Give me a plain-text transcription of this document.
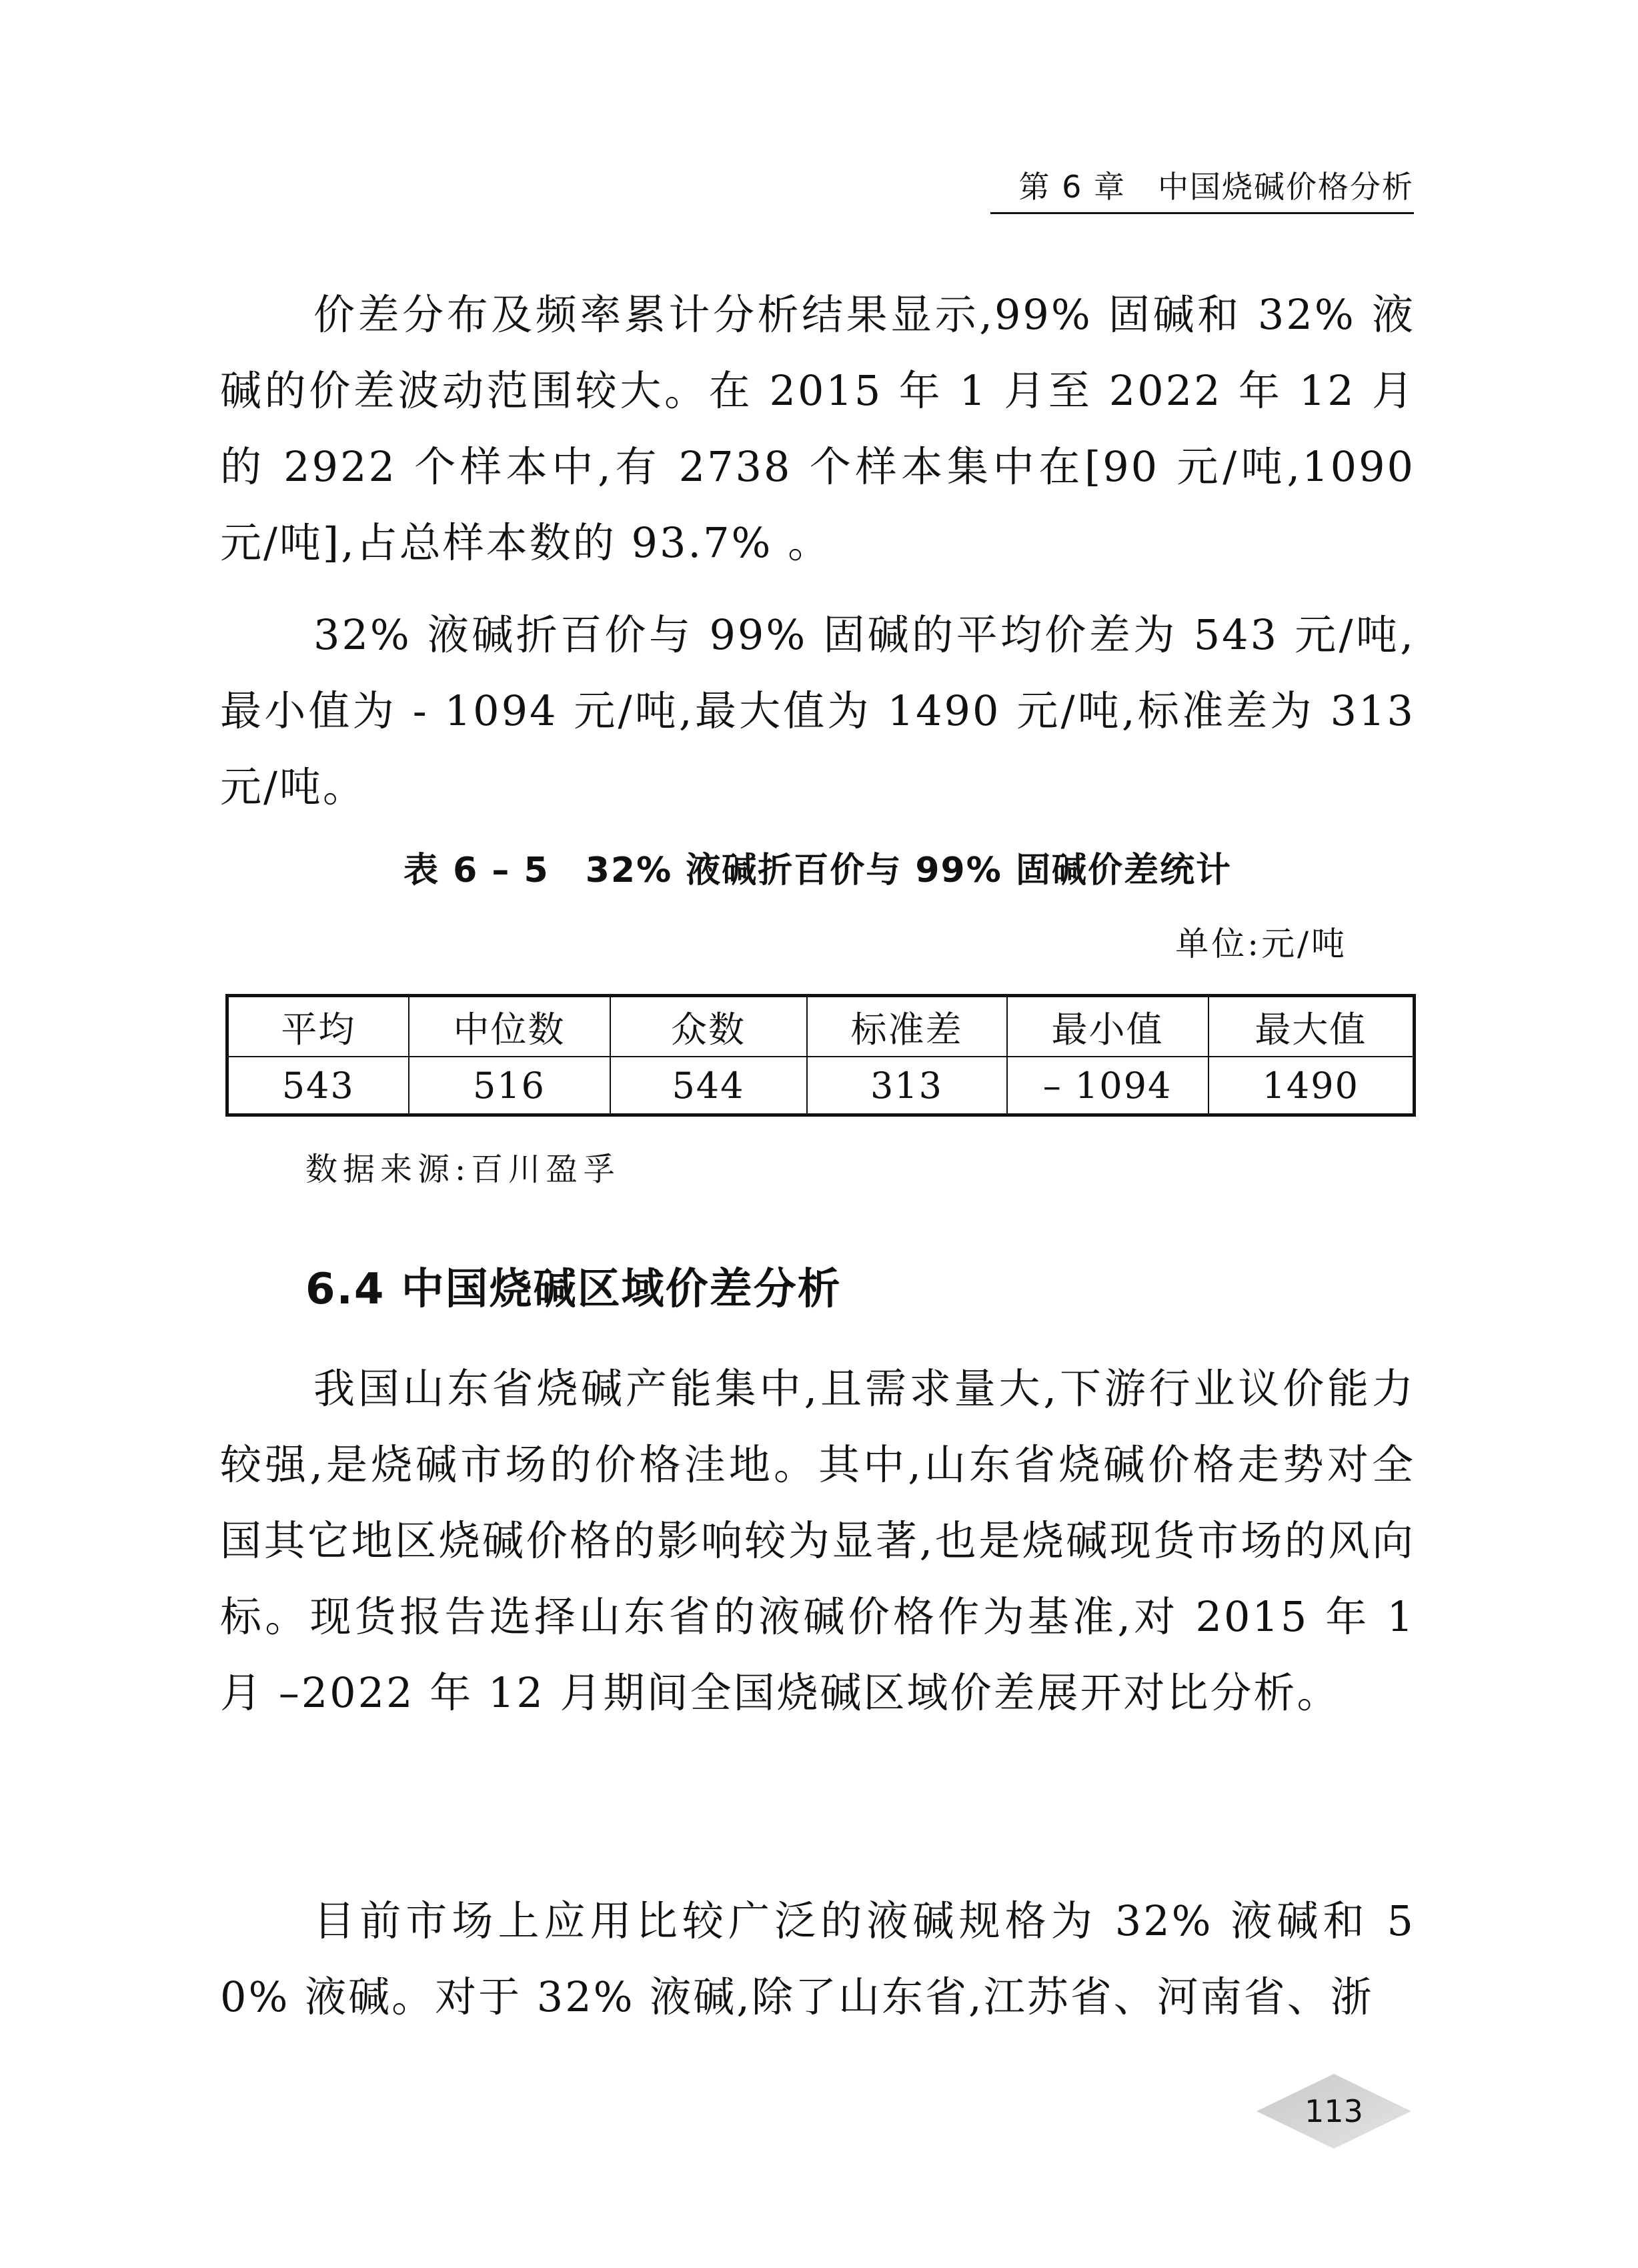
第 6 章　中国烧碱价格分析

价差分布及频率累计分析结果显示,99% 固碱和 32% 液碱的价差波动范围较大。在 2015 年 1 月至 2022 年 12 月的 2922 个样本中,有 2738 个样本集中在[90 元/吨,1090 元/吨],占总样本数的 93.7% 。

32% 液碱折百价与 99% 固碱的平均价差为 543 元/吨,最小值为 - 1094 元/吨,最大值为 1490 元/吨,标准差为 313 元/吨。

表 6 – 5　32% 液碱折百价与 99% 固碱价差统计
单位:元/吨
平均	中位数	众数	标准差	最小值	最大值
543	516	544	313	– 1094	1490
数据来源:百川盈孚
6.4 中国烧碱区域价差分析

我国山东省烧碱产能集中,且需求量大,下游行业议价能力较强,是烧碱市场的价格洼地。其中,山东省烧碱价格走势对全国其它地区烧碱价格的影响较为显著,也是烧碱现货市场的风向标。现货报告选择山东省的液碱价格作为基准,对 2015 年 1 月 –2022 年 12 月期间全国烧碱区域价差展开对比分析。

目前市场上应用比较广泛的液碱规格为 32% 液碱和 50% 液碱。对于 32% 液碱,除了山东省,江苏省、河南省、浙

113
